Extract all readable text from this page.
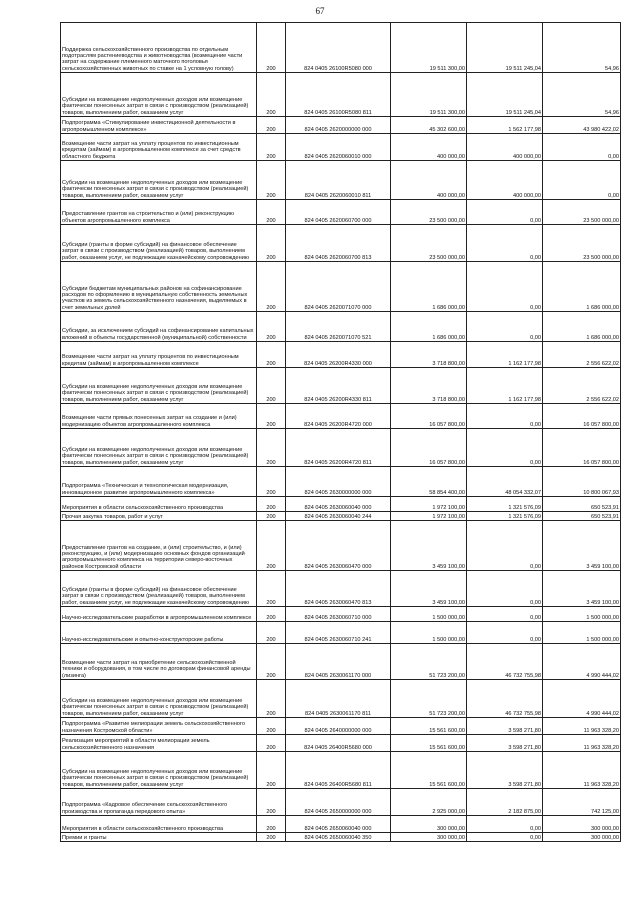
67
Поддержка сельскохозяйственного производства по отдельным подотраслям растениеводства и животноводства (возмещение части затрат на содержание племенного маточного поголовья сельскохозяйственных животных по ставке на 1 условную голову)	200	824 0405 26100R5080 000	19 511 300,00	19 511 245,04	54,96
Субсидии на возмещение недополученных доходов или возмещение фактически понесенных затрат в связи с производством (реализацией) товаров, выполнением работ, оказанием услуг	200	824 0405 26100R5080 811	19 511 300,00	19 511 245,04	54,96
Подпрограмма «Стимулирование инвестиционной деятельности в агропромышленном комплексе»	200	824 0405 2620000000 000	45 302 600,00	1 562 177,98	43 980 422,02
Возмещение части затрат на уплату процентов по инвестиционным кредитам (займам) в агропромышленном комплексе за счет средств областного бюджета	200	824 0405 2620060010 000	400 000,00	400 000,00	0,00
Субсидии на возмещение недополученных доходов или возмещение фактически понесенных затрат в связи с производством (реализацией) товаров, выполнением работ, оказанием услуг	200	824 0405 2620060010 811	400 000,00	400 000,00	0,00
Предоставление грантов на строительство и (или) реконструкцию объектов агропромышленного комплекса	200	824 0405 2620060700 000	23 500 000,00	0,00	23 500 000,00
Субсидии (гранты в форме субсидий) на финансовое обеспечение затрат в связи с производством (реализацией) товаров, выполнением работ, оказанием услуг, не подлежащие казначейскому сопровождению	200	824 0405 2620060700 813	23 500 000,00	0,00	23 500 000,00
Субсидии бюджетам муниципальных районов на софинансирование расходов по оформлению в муниципальную собственность земельных участков из земель сельскохозяйственного назначения, выделяемых в счет земельных долей	200	824 0405 2620071070 000	1 686 000,00	0,00	1 686 000,00
Субсидии, за исключением субсидий на софинансирование капитальных вложений в объекты государственной (муниципальной) собственности	200	824 0405 2620071070 521	1 686 000,00	0,00	1 686 000,00
Возмещение части затрат на уплату процентов по инвестиционным кредитам (займам) в агропромышленном комплексе	200	824 0405 26200R4330 000	3 718 800,00	1 162 177,98	2 556 622,02
Субсидии на возмещение недополученных доходов или возмещение фактически понесенных затрат в связи с производством (реализацией) товаров, выполнением работ, оказанием услуг	200	824 0405 26200R4330 811	3 718 800,00	1 162 177,98	2 556 622,02
Возмещение части прямых понесенных затрат на создание и (или) модернизацию объектов агропромышленного комплекса	200	824 0405 26200R4720 000	16 057 800,00	0,00	16 057 800,00
Субсидии на возмещение недополученных доходов или возмещение фактически понесенных затрат в связи с производством (реализацией) товаров, выполнением работ, оказанием услуг	200	824 0405 26200R4720 811	16 057 800,00	0,00	16 057 800,00
Подпрограмма «Техническая и технологическая модернизация, инновационное развитие агропромышленного комплекса»	200	824 0405 2630000000 000	58 854 400,00	48 054 332,07	10 800 067,93
Мероприятия в области сельскохозяйственного производства	200	824 0405 2630060040 000	1 972 100,00	1 321 576,09	650 523,91
Прочая закупка товаров, работ и услуг	200	824 0405 2630060040 244	1 972 100,00	1 321 576,09	650 523,91
Предоставление грантов на создание, и (или) строительство, и (или) реконструкцию, и (или) модернизацию основных фондов организаций агропромышленного комплекса на территории северо-восточных районов Костромской области	200	824 0405 2630060470 000	3 459 100,00	0,00	3 459 100,00
Субсидии (гранты в форме субсидий) на финансовое обеспечение затрат в связи с производством (реализацией) товаров, выполнением работ, оказанием услуг, не подлежащие казначейскому сопровождению	200	824 0405 2630060470 813	3 459 100,00	0,00	3 459 100,00
Научно-исследовательские разработки в агропромышленном комплексе	200	824 0405 2630060710 000	1 500 000,00	0,00	1 500 000,00
Научно-исследовательские и опытно-конструкторские работы	200	824 0405 2630060710 241	1 500 000,00	0,00	1 500 000,00
Возмещение части затрат на приобретение сельскохозяйственной техники и оборудования, в том числе по договорам финансовой аренды (лизинга)	200	824 0405 2630061170 000	51 723 200,00	46 732 755,98	4 990 444,02
Субсидии на возмещение недополученных доходов или возмещение фактически понесенных затрат в связи с производством (реализацией) товаров, выполнением работ, оказанием услуг	200	824 0405 2630061170 811	51 723 200,00	46 732 755,98	4 990 444,02
Подпрограмма «Развитие мелиорации земель сельскохозяйственного назначения Костромской области»	200	824 0405 2640000000 000	15 561 600,00	3 598 271,80	11 963 328,20
Реализация мероприятий в области мелиорации земель сельскохозяйственного назначения	200	824 0405 26400R5680 000	15 561 600,00	3 598 271,80	11 963 328,20
Субсидии на возмещение недополученных доходов или возмещение фактически понесенных затрат в связи с производством (реализацией) товаров, выполнением работ, оказанием услуг	200	824 0405 26400R5680 811	15 561 600,00	3 598 271,80	11 963 328,20
Подпрограмма «Кадровое обеспечение сельскохозяйственного производства и пропаганда передового опыта»	200	824 0405 2650000000 000	2 925 000,00	2 182 875,00	742 125,00
Мероприятия в области сельскохозяйственного производства	200	824 0405 2650060040 000	300 000,00	0,00	300 000,00
Премии и гранты	200	824 0405 2650060040 350	300 000,00	0,00	300 000,00
